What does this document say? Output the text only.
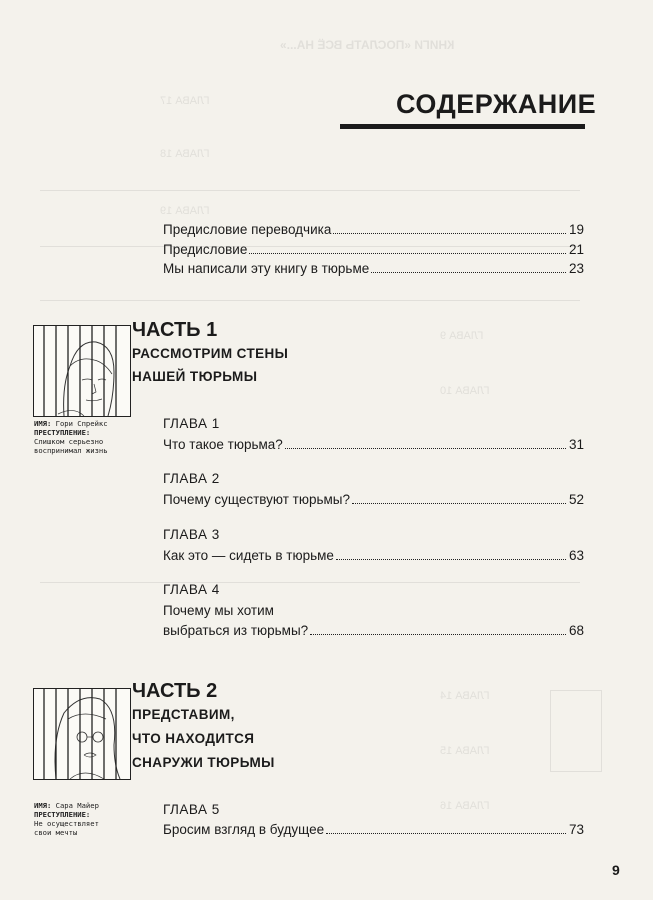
КНИГИ «ПОСЛАТЬ ВСЁ НА...»
ГЛАВА 17
ГЛАВА 18
ГЛАВА 19
ГЛАВА 9
ГЛАВА 10
ГЛАВА 14
ГЛАВА 15
ГЛАВА 16
СОДЕРЖАНИЕ
Предисловие переводчика	19
Предисловие	21
Мы написали эту книгу в тюрьме	23
ИМЯ: Гори Спрейкс
ПРЕСТУПЛЕНИЕ:
Слишком серьезно
воспринимал жизнь
ЧАСТЬ 1
РАССМОТРИМ СТЕНЫ
НАШЕЙ ТЮРЬМЫ
ГЛАВА 1
Что такое тюрьма?	31
ГЛАВА 2
Почему существуют тюрьмы?	52
ГЛАВА 3
Как это — сидеть в тюрьме	63
ГЛАВА 4
Почему мы хотим
выбраться из тюрьмы?	68
ИМЯ: Сара Майер
ПРЕСТУПЛЕНИЕ:
Не осуществляет
свои мечты
ЧАСТЬ 2
ПРЕДСТАВИМ,
ЧТО НАХОДИТСЯ
СНАРУЖИ ТЮРЬМЫ
ГЛАВА 5
Бросим взгляд в будущее	73
9
